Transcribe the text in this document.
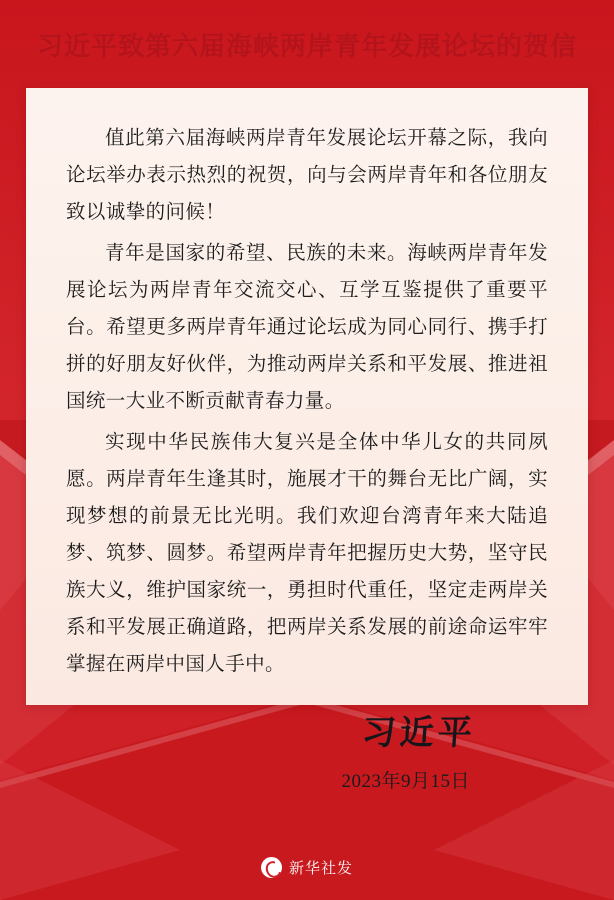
习近平致第六届海峡两岸青年发展论坛的贺信

值此第六届海峡两岸青年发展论坛开幕之际，我向论坛举办表示热烈的祝贺，向与会两岸青年和各位朋友致以诚挚的问候！

青年是国家的希望、民族的未来。海峡两岸青年发展论坛为两岸青年交流交心、互学互鉴提供了重要平台。希望更多两岸青年通过论坛成为同心同行、携手打拼的好朋友好伙伴，为推动两岸关系和平发展、推进祖国统一大业不断贡献青春力量。

实现中华民族伟大复兴是全体中华儿女的共同夙愿。两岸青年生逢其时，施展才干的舞台无比广阔，实现梦想的前景无比光明。我们欢迎台湾青年来大陆追梦、筑梦、圆梦。希望两岸青年把握历史大势，坚守民族大义，维护国家统一，勇担时代重任，坚定走两岸关系和平发展正确道路，把两岸关系发展的前途命运牢牢掌握在两岸中国人手中。

习近平
2023年9月15日
新华社发
